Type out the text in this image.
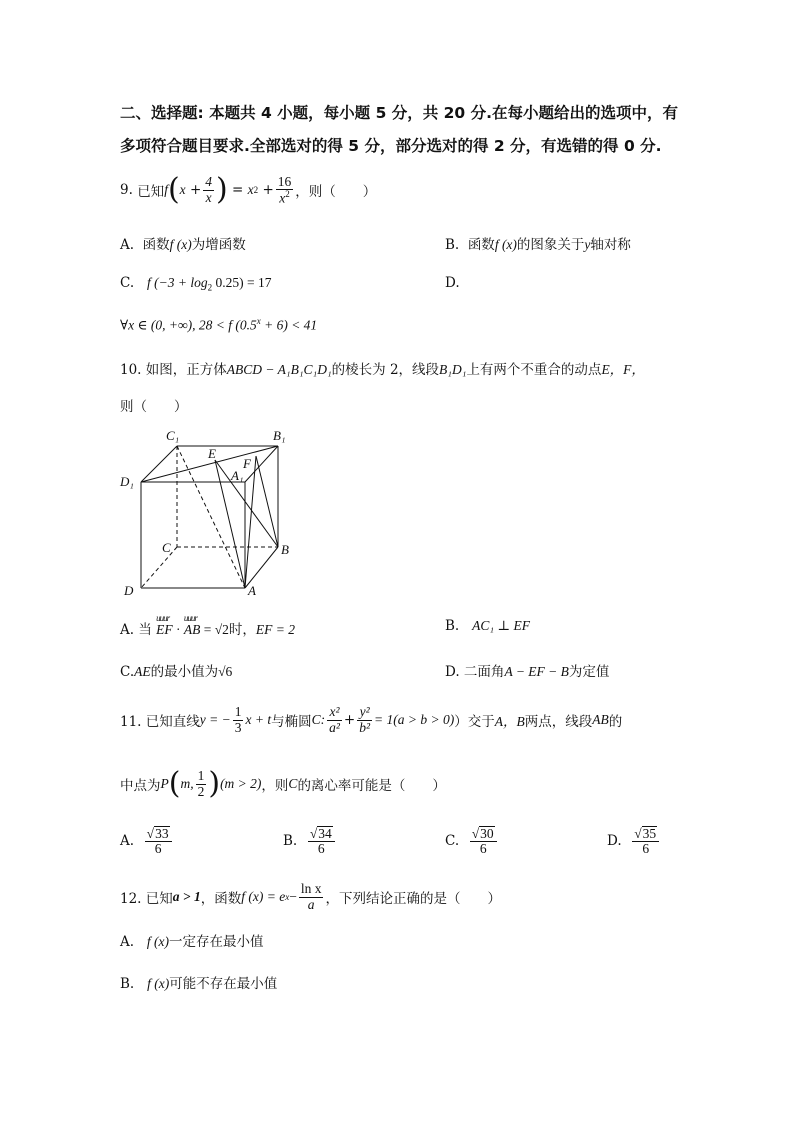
二、选择题: 本题共 4 小题，每小题 5 分，共 20 分.在每小题给出的选项中，有
多项符合题目要求.全部选对的得 5 分，部分选对的得 2 分，有选错的得 0 分.
9.
已知 f ( $x + \frac{4}{x}$ ) = x $2 + \frac{16}{x^2}$ ，则（　　）
A. 函数f (x)为增函数	B. 函数f (x)的图象关于y轴对称
C. f $(-3 + \log_2 0.25) = 17$	D.
∀x ∈ (0, +∞), 28 < f $(0.5^x + 6) < 41$
10. 如图，正方体ABCD − A₁B₁C₁D₁的棱长为 2，线段B₁D₁上有两个不重合的动点E，F，
则（　　）
C₁	B₁
D₁
E
F
A₁
C	B
D	A
A. 当
uuur
EF ·
uuur
AB = √2时，EF = 2	B. AC₁ ⊥ EF
C.AE的最小值为√6	D. 二面角A − EF − B为定值
11. 已知直线 y = − $\frac{1}{3}$ x + t 与椭圆 C: $\frac{\text{x²}}{\text{a²}} + \frac{\text{y²}}{\text{b²}} = 1(a > b > 0)$ ）交于 A，B 两点，线段 AB 的
中点为 P ( m, $\frac{1}{2}$ ) (m > 2) ，则 C 的离心率可能是（　　）
A.
$\frac{√33}{6}$	B.
$\frac{√34}{6}$	C.
$\frac{√30}{6}$	D.
$\frac{√35}{6}$
12. 已知 a > 1 ，函数 f (x) = e $x - \frac{\text{ln x}}{a}$ ，下列结论正确的是（　　）
A. f (x)一定存在最小值
B. f (x)可能不存在最小值
